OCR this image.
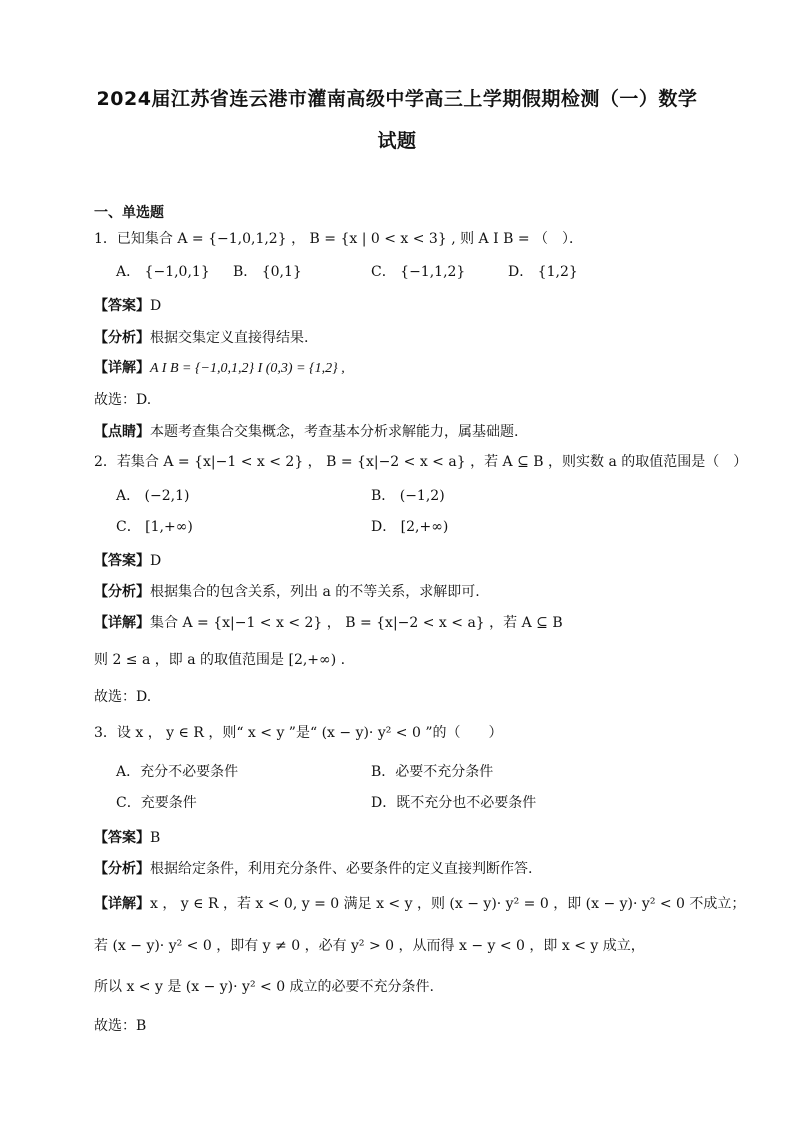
2024届江苏省连云港市灌南高级中学高三上学期假期检测（一）数学
试题
一、单选题
1．已知集合 A = {−1,0,1,2} ， B = {x | 0 < x < 3} , 则 A I B = （　）．
A． {−1,0,1} B． {0,1}	C． {−1,1,2}	D． {1,2}
【答案】D
【分析】根据交集定义直接得结果.
【详解】A I B = {−1,0,1,2} I (0,3) = {1,2} ,
故选：D.
【点睛】本题考查集合交集概念，考查基本分析求解能力，属基础题.
2．若集合 A = {x|−1 < x < 2} ， B = {x|−2 < x < a} ，若 A ⊆ B ，则实数 a 的取值范围是（　）
A． (−2,1)	B． (−1,2)
C． [1,+∞)	D． [2,+∞)
【答案】D
【分析】根据集合的包含关系，列出 a 的不等关系，求解即可.
【详解】集合 A = {x|−1 < x < 2} ， B = {x|−2 < x < a} ，若 A ⊆ B
则 2 ≤ a ，即 a 的取值范围是 [2,+∞) .
故选：D.
3．设 x ， y ∈ R ，则“ x < y ”是“ (x − y)· y² < 0 ”的（　　）
A．充分不必要条件	B．必要不充分条件
C．充要条件	D．既不充分也不必要条件
【答案】B
【分析】根据给定条件，利用充分条件、必要条件的定义直接判断作答.
【详解】x ， y ∈ R ，若 x < 0, y = 0 满足 x < y ，则 (x − y)· y² = 0 ，即 (x − y)· y² < 0 不成立；
若 (x − y)· y² < 0 ，即有 y ≠ 0 ，必有 y² > 0 ，从而得 x − y < 0 ，即 x < y 成立，
所以 x < y 是 (x − y)· y² < 0 成立的必要不充分条件.
故选：B
